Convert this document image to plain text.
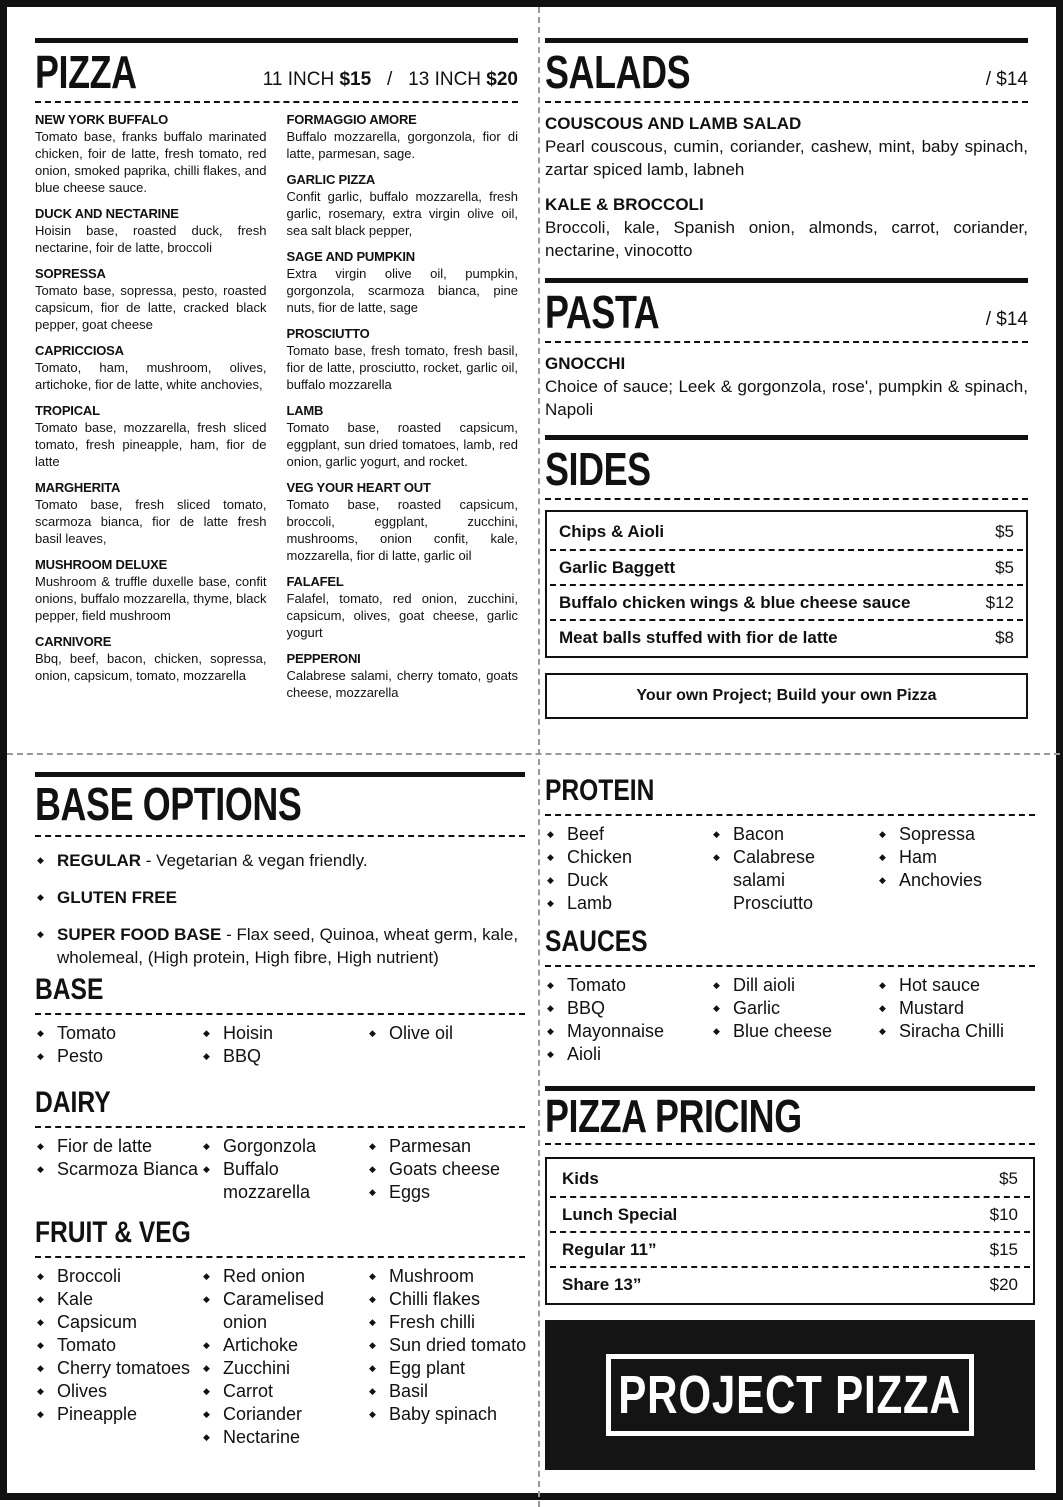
PIZZA	11 INCH $15 / 13 INCH $20
NEW YORK BUFFALO
Tomato base, franks buffalo marinated chicken, foir de latte, fresh tomato, red onion, smoked paprika, chilli flakes, and blue cheese sauce.
DUCK AND NECTARINE
Hoisin base, roasted duck, fresh nectarine, foir de latte, broccoli
SOPRESSA
Tomato base, sopressa, pesto, roasted capsicum, fior de latte, cracked black pepper, goat cheese
CAPRICCIOSA
Tomato, ham, mushroom, olives, artichoke, fior de latte, white anchovies,
TROPICAL
Tomato base, mozzarella, fresh sliced tomato, fresh pineapple, ham, fior de latte
MARGHERITA
Tomato base, fresh sliced tomato, scarmoza bianca, fior de latte fresh basil leaves,
MUSHROOM DELUXE
Mushroom & truffle duxelle base, confit onions, buffalo mozzarella, thyme, black pepper, field mushroom
CARNIVORE
Bbq, beef, bacon, chicken, sopressa, onion, capsicum, tomato, mozzarella
FORMAGGIO AMORE
Buffalo mozzarella, gorgonzola, fior di latte, parmesan, sage.
GARLIC PIZZA
Confit garlic, buffalo mozzarella, fresh garlic, rosemary, extra virgin olive oil, sea salt black pepper,
SAGE AND PUMPKIN
Extra virgin olive oil, pumpkin, gorgonzola, scarmoza bianca, pine nuts, fior de latte, sage
PROSCIUTTO
Tomato base, fresh tomato, fresh basil, fior de latte, prosciutto, rocket, garlic oil, buffalo mozzarella
LAMB
Tomato base, roasted capsicum, eggplant, sun dried tomatoes, lamb, red onion, garlic yogurt, and rocket.
VEG YOUR HEART OUT
Tomato base, roasted capsicum, broccoli, eggplant, zucchini, mushrooms, onion confit, kale, mozzarella, fior di latte, garlic oil
FALAFEL
Falafel, tomato, red onion, zucchini, capsicum, olives, goat cheese, garlic yogurt
PEPPERONI
Calabrese salami, cherry tomato, goats cheese, mozzarella
SALADS	/ $14
COUSCOUS AND LAMB SALAD
Pearl couscous, cumin, coriander, cashew, mint, baby spinach, zartar spiced lamb, labneh
KALE & BROCCOLI
Broccoli, kale, Spanish onion, almonds, carrot, coriander, nectarine, vinocotto
PASTA	/ $14
GNOCCHI
Choice of sauce; Leek & gorgonzola, rose', pumpkin & spinach, Napoli
SIDES
Chips & Aioli	$5
Garlic Baggett	$5
Buffalo chicken wings & blue cheese sauce	$12
Meat balls stuffed with fior de latte	$8
Your own Project; Build your own Pizza
BASE OPTIONS
◆ REGULAR - Vegetarian & vegan friendly.
◆ GLUTEN FREE
◆ SUPER FOOD BASE - Flax seed, Quinoa, wheat germ, kale, wholemeal, (High protein, High fibre, High nutrient)
BASE
◆ Tomato
◆ Pesto
◆ Hoisin
◆ BBQ
◆ Olive oil
DAIRY
◆ Fior de latte
◆ Scarmoza Bianca
◆ Gorgonzola
◆ Buffalo mozzarella
◆ Parmesan
◆ Goats cheese
◆ Eggs
FRUIT & VEG
◆ Broccoli
◆ Kale
◆ Capsicum
◆ Tomato
◆ Cherry tomatoes
◆ Olives
◆ Pineapple
◆ Red onion
◆ Caramelised onion
◆ Artichoke
◆ Zucchini
◆ Carrot
◆ Coriander
◆ Nectarine
◆ Mushroom
◆ Chilli flakes
◆ Fresh chilli
◆ Sun dried tomato
◆ Egg plant
◆ Basil
◆ Baby spinach
PROTEIN
◆ Beef
◆ Chicken
◆ Duck
◆ Lamb
◆ Bacon
◆ Calabrese salami Prosciutto
◆ Sopressa
◆ Ham
◆ Anchovies
SAUCES
◆ Tomato
◆ BBQ
◆ Mayonnaise
◆ Aioli
◆ Dill aioli
◆ Garlic
◆ Blue cheese
◆ Hot sauce
◆ Mustard
◆ Siracha Chilli
PIZZA PRICING
Kids	$5
Lunch Special	$10
Regular 11”	$15
Share 13”	$20
PROJECT PIZZA
